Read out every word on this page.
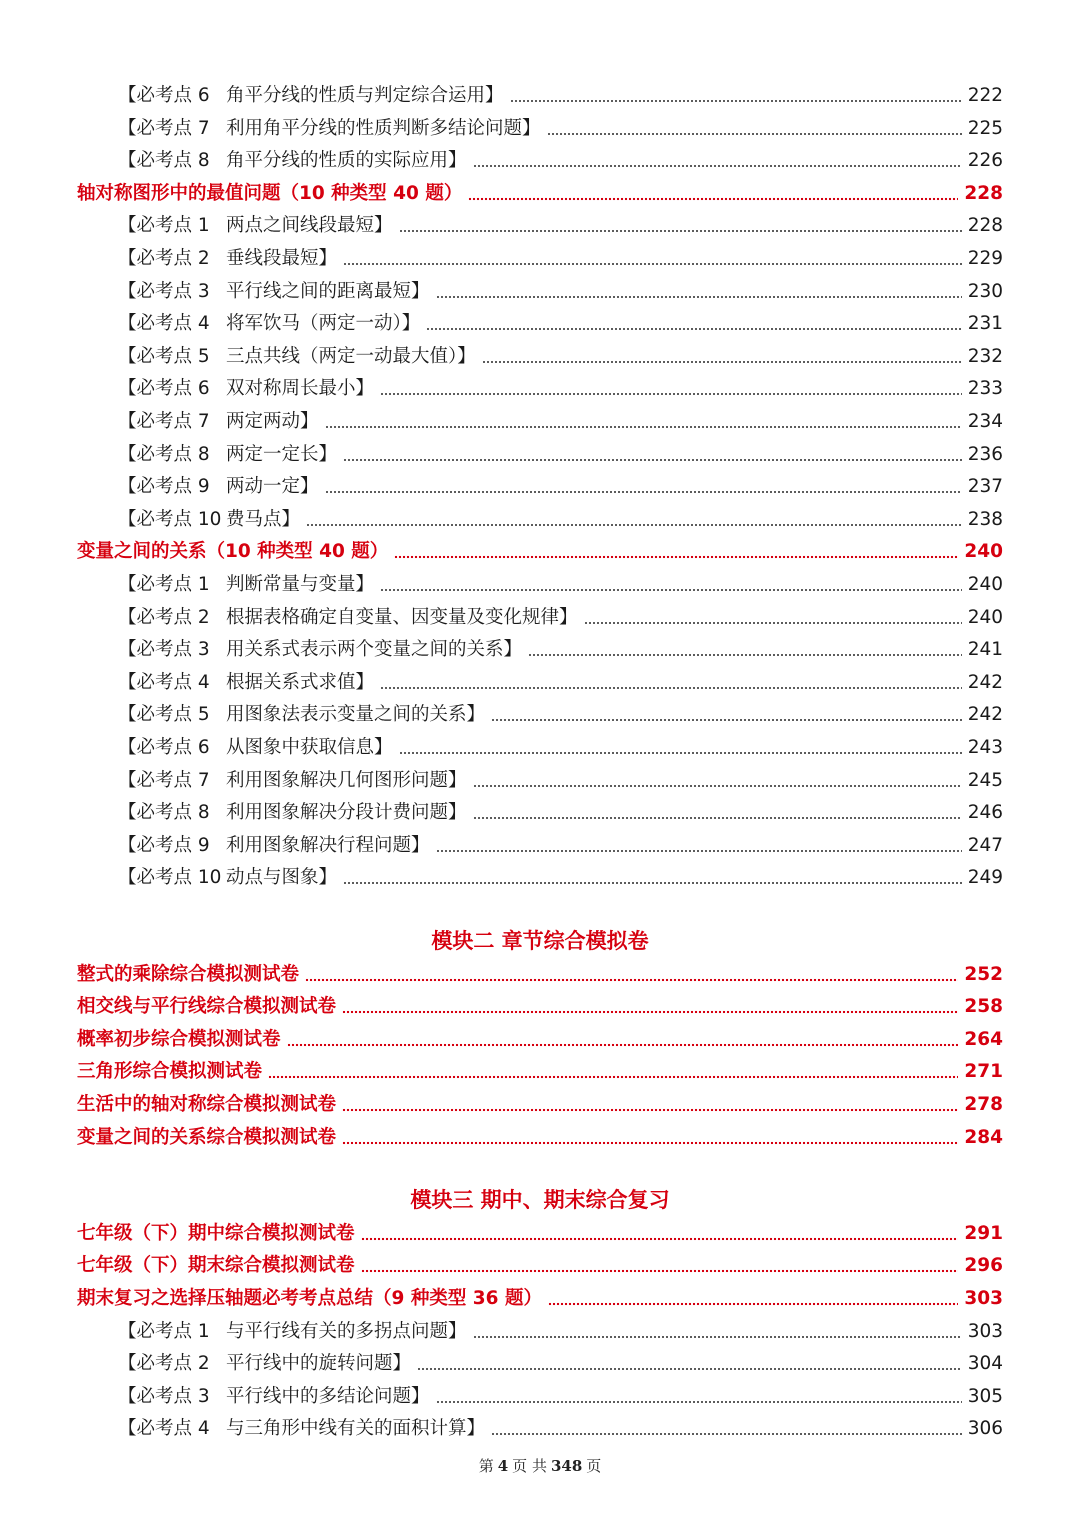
【必考点 6 角平分线的性质与判定综合运用】	222
【必考点 7 利用角平分线的性质判断多结论问题】	225
【必考点 8 角平分线的性质的实际应用】	226
轴对称图形中的最值问题（10 种类型 40 题）	228
【必考点 1 两点之间线段最短】	228
【必考点 2 垂线段最短】	229
【必考点 3 平行线之间的距离最短】	230
【必考点 4 将军饮马（两定一动）】	231
【必考点 5 三点共线（两定一动最大值）】	232
【必考点 6 双对称周长最小】	233
【必考点 7 两定两动】	234
【必考点 8 两定一定长】	236
【必考点 9 两动一定】	237
【必考点 10 费马点】	238
变量之间的关系（10 种类型 40 题）	240
【必考点 1 判断常量与变量】	240
【必考点 2 根据表格确定自变量、因变量及变化规律】	240
【必考点 3 用关系式表示两个变量之间的关系】	241
【必考点 4 根据关系式求值】	242
【必考点 5 用图象法表示变量之间的关系】	242
【必考点 6 从图象中获取信息】	243
【必考点 7 利用图象解决几何图形问题】	245
【必考点 8 利用图象解决分段计费问题】	246
【必考点 9 利用图象解决行程问题】	247
【必考点 10 动点与图象】	249
模块二 章节综合模拟卷
整式的乘除综合模拟测试卷	252
相交线与平行线综合模拟测试卷	258
概率初步综合模拟测试卷	264
三角形综合模拟测试卷	271
生活中的轴对称综合模拟测试卷	278
变量之间的关系综合模拟测试卷	284
模块三 期中、期末综合复习
七年级（下）期中综合模拟测试卷	291
七年级（下）期末综合模拟测试卷	296
期末复习之选择压轴题必考考点总结（9 种类型 36 题）	303
【必考点 1 与平行线有关的多拐点问题】	303
【必考点 2 平行线中的旋转问题】	304
【必考点 3 平行线中的多结论问题】	305
【必考点 4 与三角形中线有关的面积计算】	306
第 4 页 共 348 页
